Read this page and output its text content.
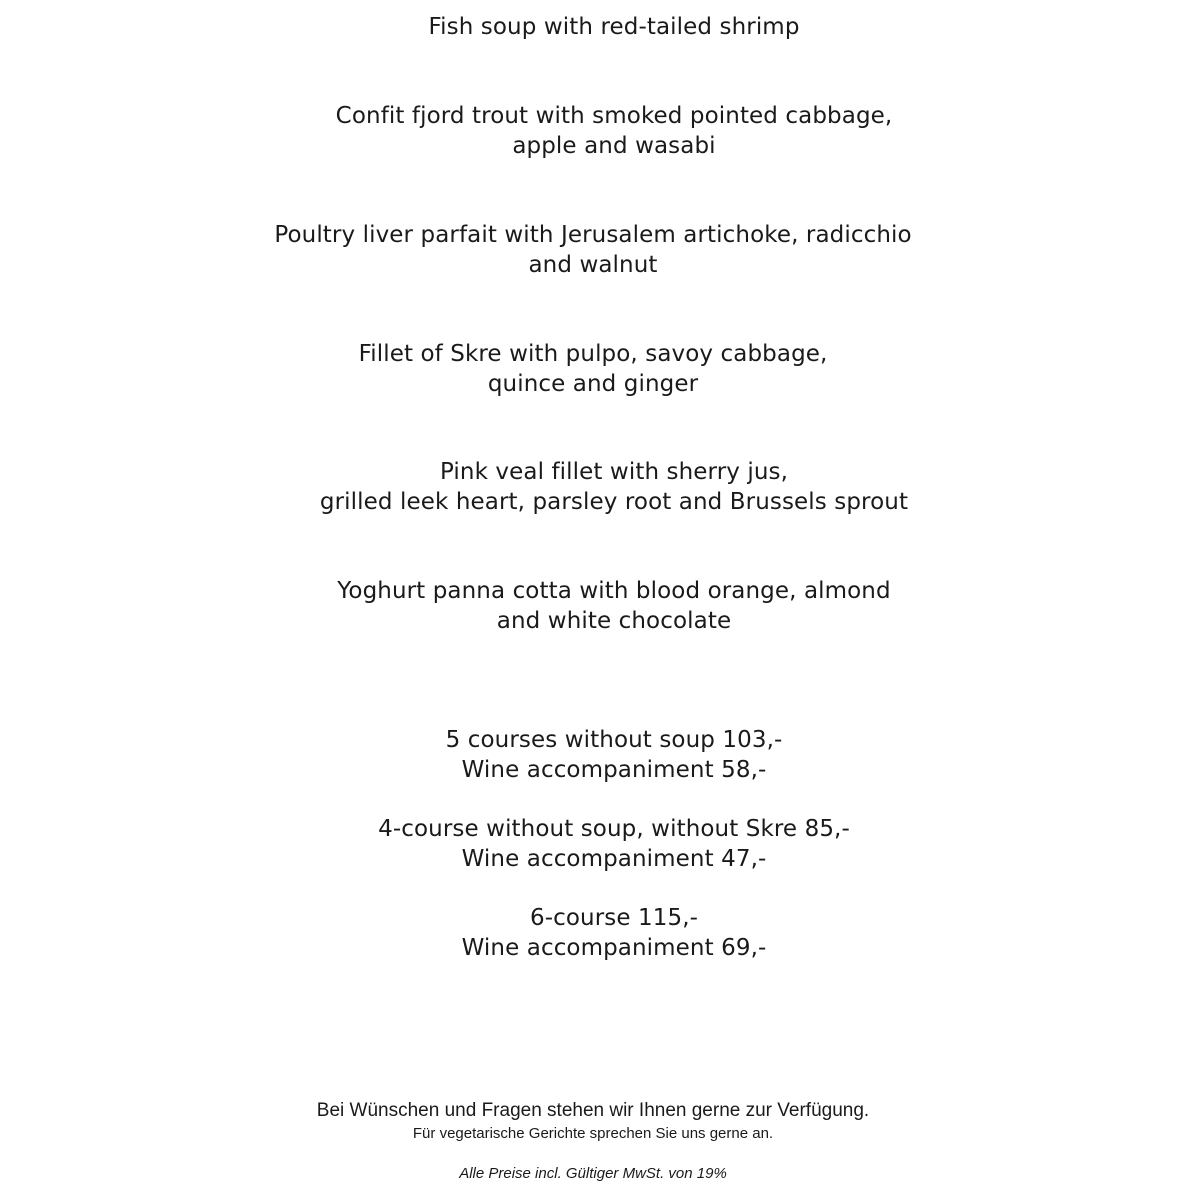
Fish soup with red-tailed shrimp
Confit fjord trout with smoked pointed cabbage,
apple and wasabi
Poultry liver parfait with Jerusalem artichoke, radicchio
and walnut
Fillet of Skre with pulpo, savoy cabbage,
quince and ginger
Pink veal fillet with sherry jus,
grilled leek heart, parsley root and Brussels sprout
Yoghurt panna cotta with blood orange, almond
and white chocolate
5 courses without soup 103,-
Wine accompaniment 58,-
4-course without soup, without Skre 85,-
Wine accompaniment 47,-
6-course 115,-
Wine accompaniment 69,-
Bei Wünschen und Fragen stehen wir Ihnen gerne zur Verfügung.
Für vegetarische Gerichte sprechen Sie uns gerne an.
Alle Preise incl. Gültiger MwSt. von 19%
